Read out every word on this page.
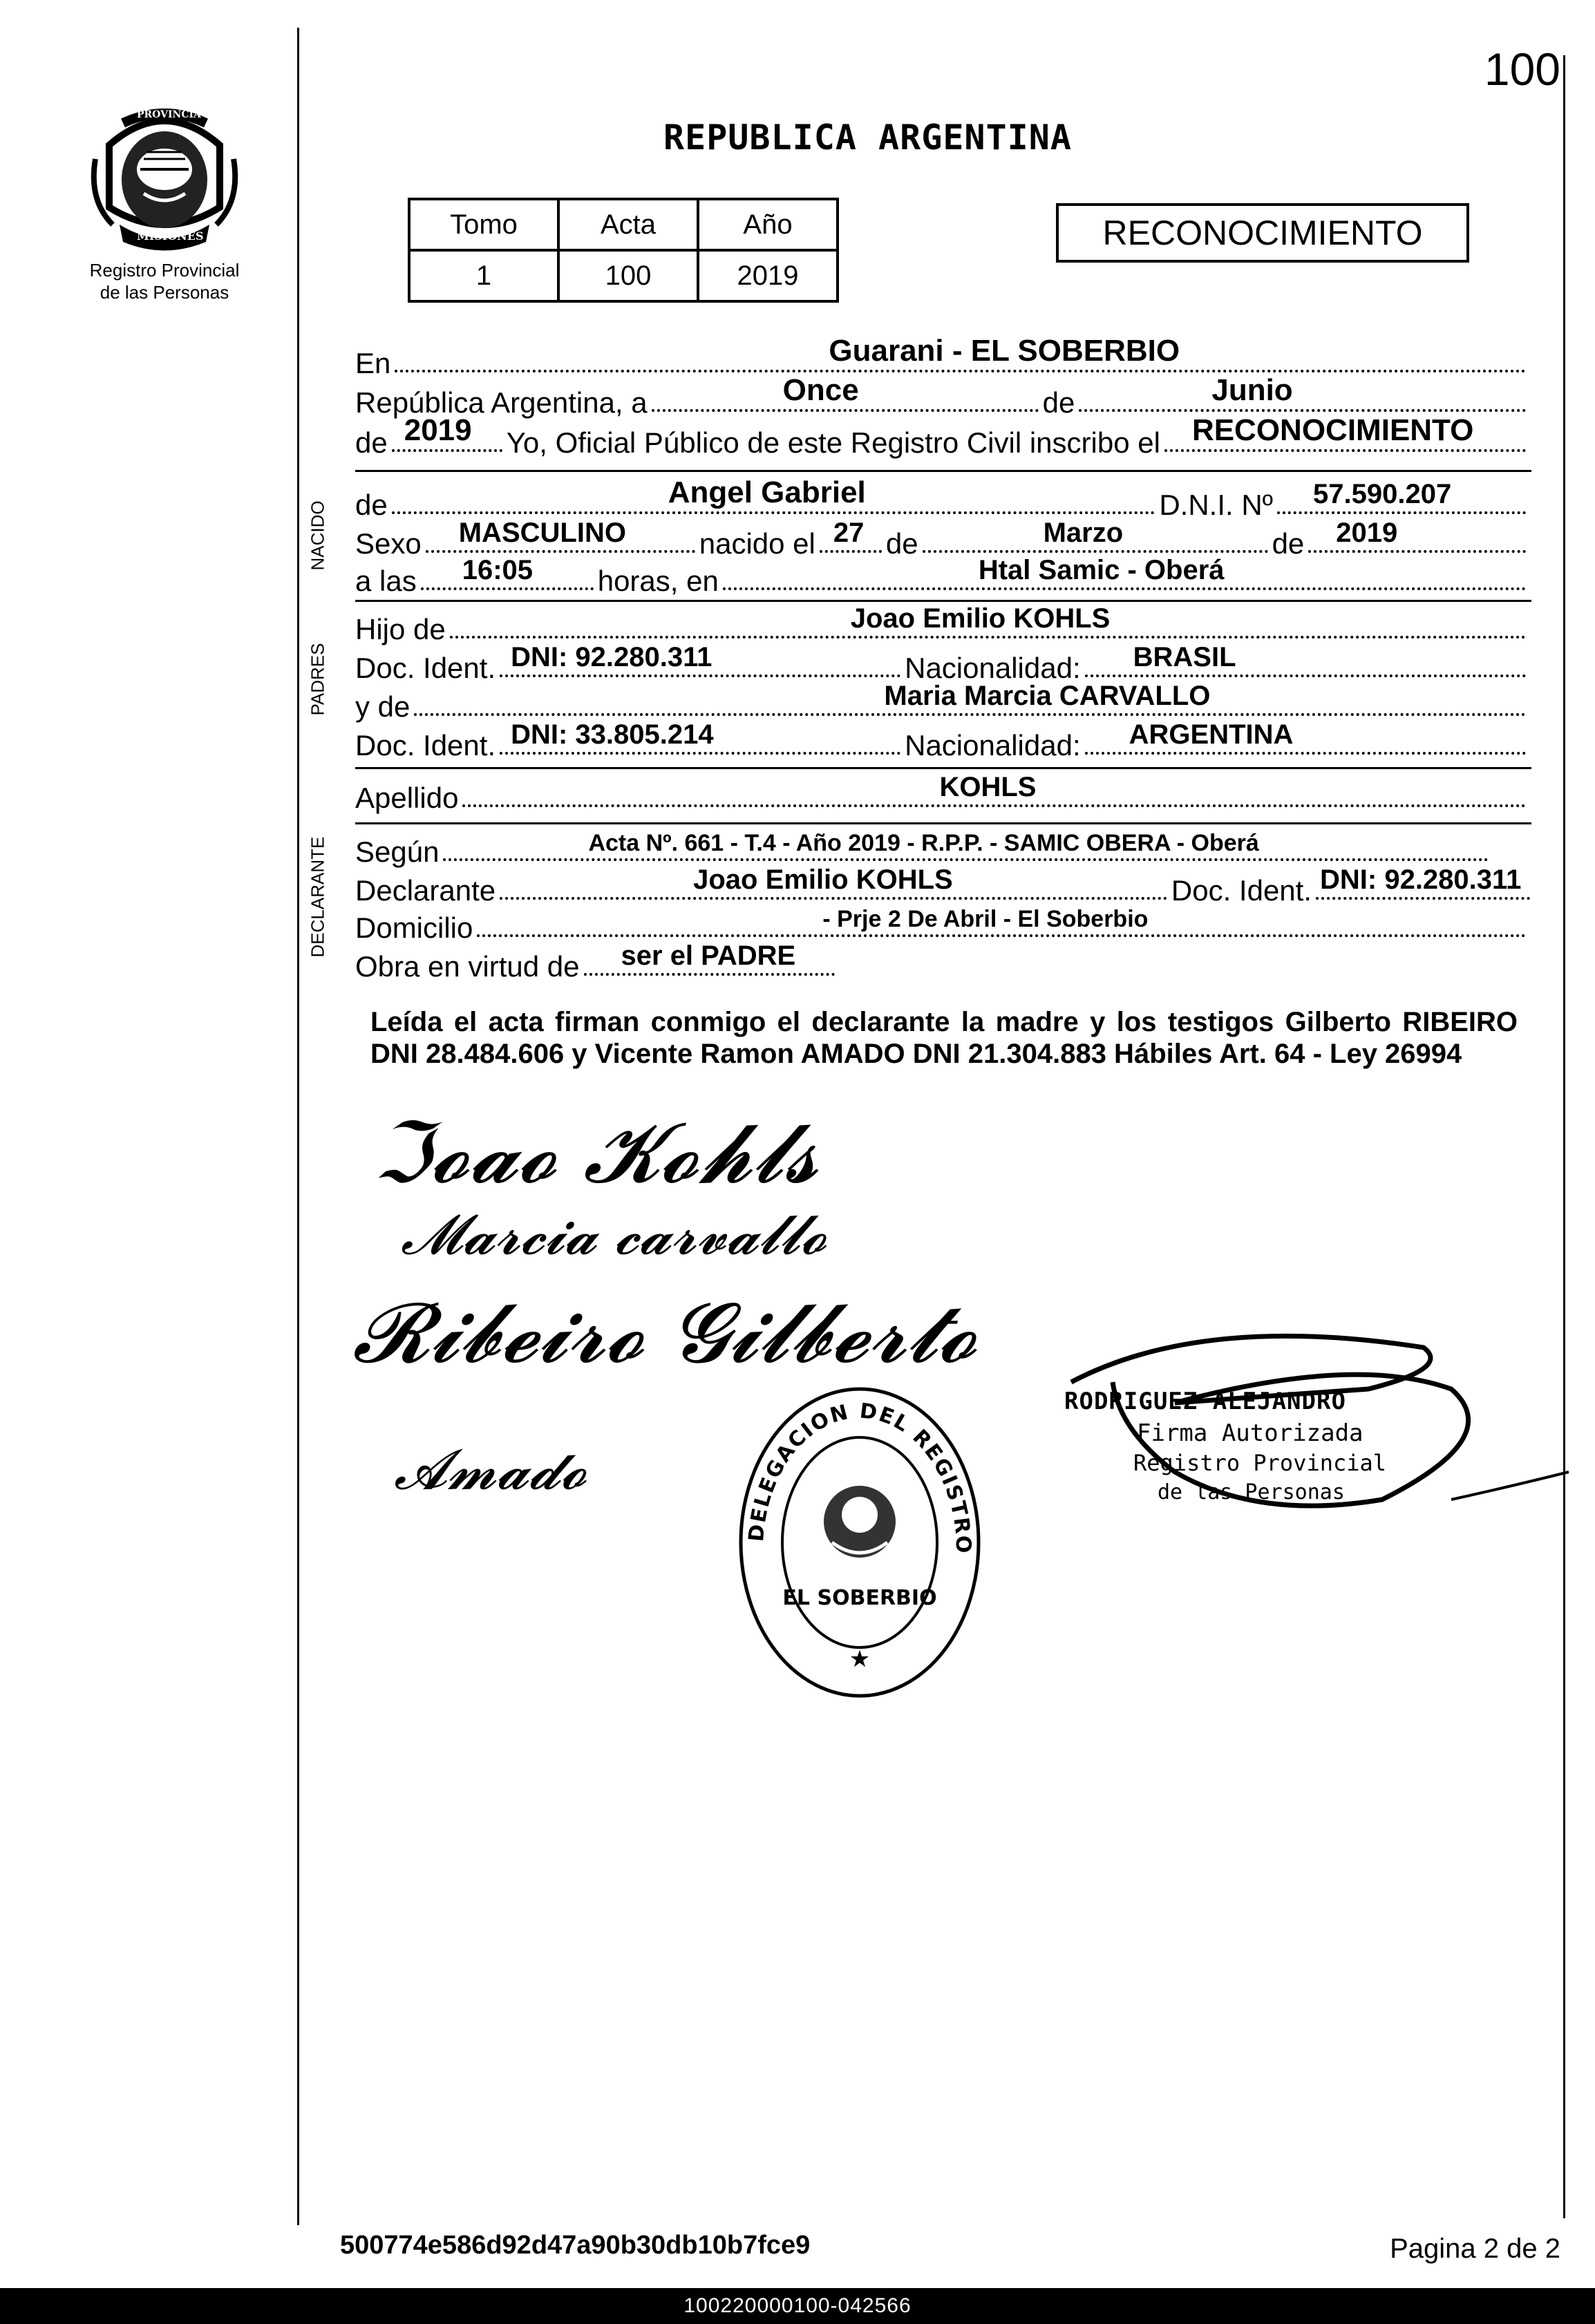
100
PROVINCIA DE
MISIONES
Registro Provincial
de las Personas
REPUBLICA ARGENTINA
Tomo	Acta	Año
1	100	2019
RECONOCIMIENTO
En	Guarani - EL SOBERBIO
República Argentina, a	Once	de	Junio
de 2019 Yo, Oficial Público de este Registro Civil inscribo el RECONOCIMIENTO
NACIDO de	Angel Gabriel	D.N.I. Nº 57.590.207
Sexo MASCULINO	nacido el 27 de	Marzo	de 2019
a las 16:05 horas, en	Htal Samic - Oberá
PADRES
Hijo de	Joao Emilio KOHLS
Doc. Ident. DNI: 92.280.311	Nacionalidad: BRASIL
y de	Maria Marcia CARVALLO
Doc. Ident. DNI: 33.805.214	Nacionalidad: ARGENTINA
Apellido	KOHLS
DECLARANTE Según	Acta Nº. 661 - T.4 - Año 2019 - R.P.P. - SAMIC OBERA - Oberá
Declarante	Joao Emilio KOHLS	Doc. Ident. DNI: 92.280.311
Domicilio	- Prje 2 De Abril - El Soberbio
Obra en virtud de ser el PADRE
Leída el acta firman conmigo el declarante la madre y los testigos Gilberto RIBEIRO DNI 28.484.606 y Vicente Ramon AMADO DNI 21.304.883 Hábiles Art. 64 - Ley 26994
ℑ𝓸𝓪𝓸 𝓚𝓸𝓱𝓵𝓼
𝓜𝓪𝓻𝓬𝓲𝓪 𝓬𝓪𝓻𝓿𝓪𝓵𝓵𝓸
𝓡𝓲𝓫𝓮𝓲𝓻𝓸 𝓖𝓲𝓵𝓫𝓮𝓻𝓽𝓸
𝓐𝓶𝓪𝓭𝓸
DELEGACION DEL REGISTRO
EL SOBERBIO
★
RODRIGUEZ ALEJANDRO
Firma Autorizada
Registro Provincial
de las Personas
500774e586d92d47a90b30db10b7fce9	Pagina 2 de 2
100220000100-042566
